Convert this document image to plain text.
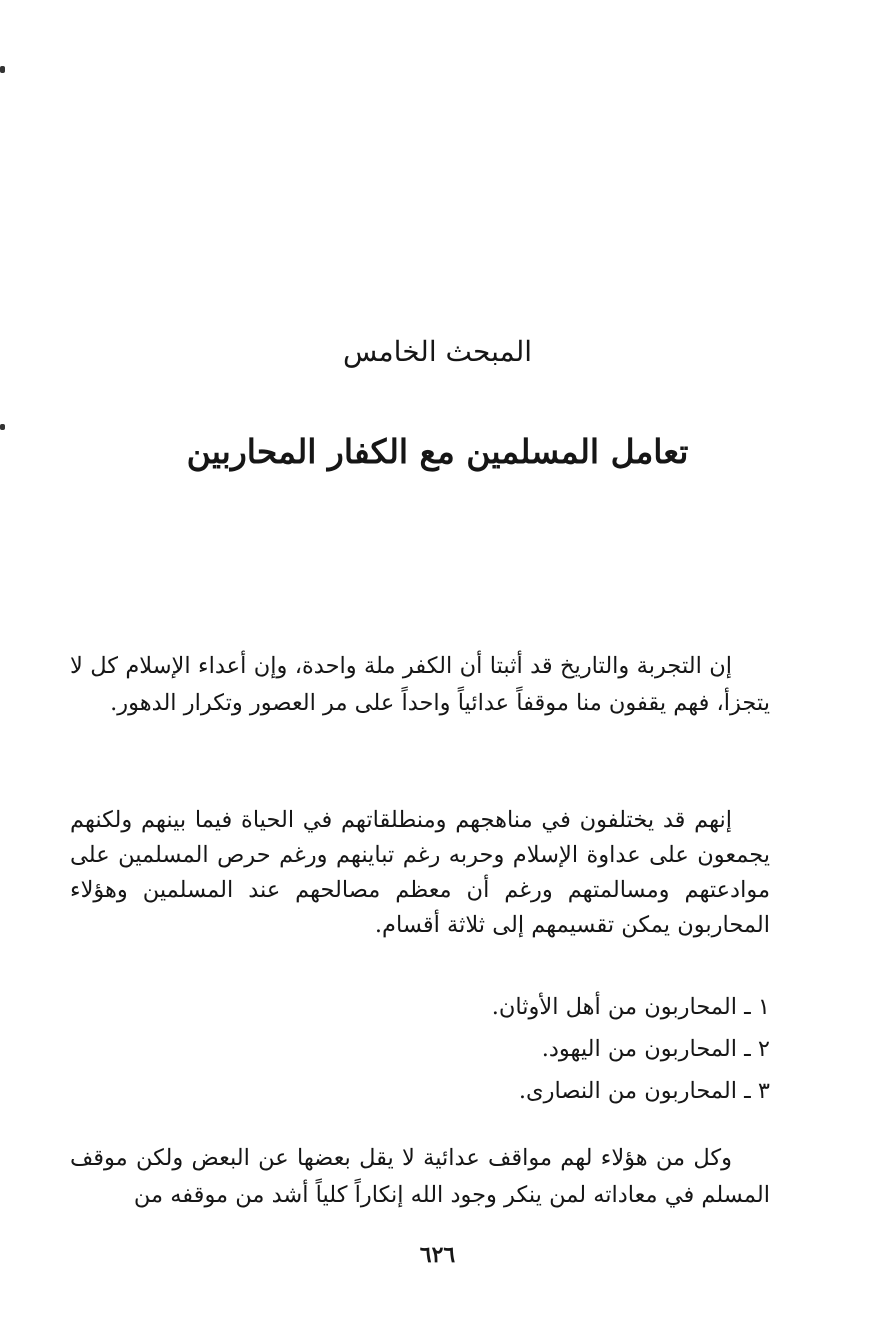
المبحث الخامس
تعامل المسلمين مع الكفار المحاربين

إن التجربة والتاريخ قد أثبتا أن الكفر ملة واحدة، وإن أعداء الإسلام كل لا يتجزأ، فهم يقفون منا موقفاً عدائياً واحداً على مر العصور وتكرار الدهور.

إنهم قد يختلفون في مناهجهم ومنطلقاتهم في الحياة فيما بينهم ولكنهم يجمعون على عداوة الإسلام وحربه رغم تباينهم ورغم حرص المسلمين على موادعتهم ومسالمتهم ورغم أن معظم مصالحهم عند المسلمين وهؤلاء المحاربون يمكن تقسيمهم إلى ثلاثة أقسام.

١ ـ المحاربون من أهل الأوثان.
٢ ـ المحاربون من اليهود.
٣ ـ المحاربون من النصارى.

وكل من هؤلاء لهم مواقف عدائية لا يقل بعضها عن البعض ولكن موقف المسلم في معاداته لمن ينكر وجود الله إنكاراً كلياً أشد من موقفه من

٦٢٦
